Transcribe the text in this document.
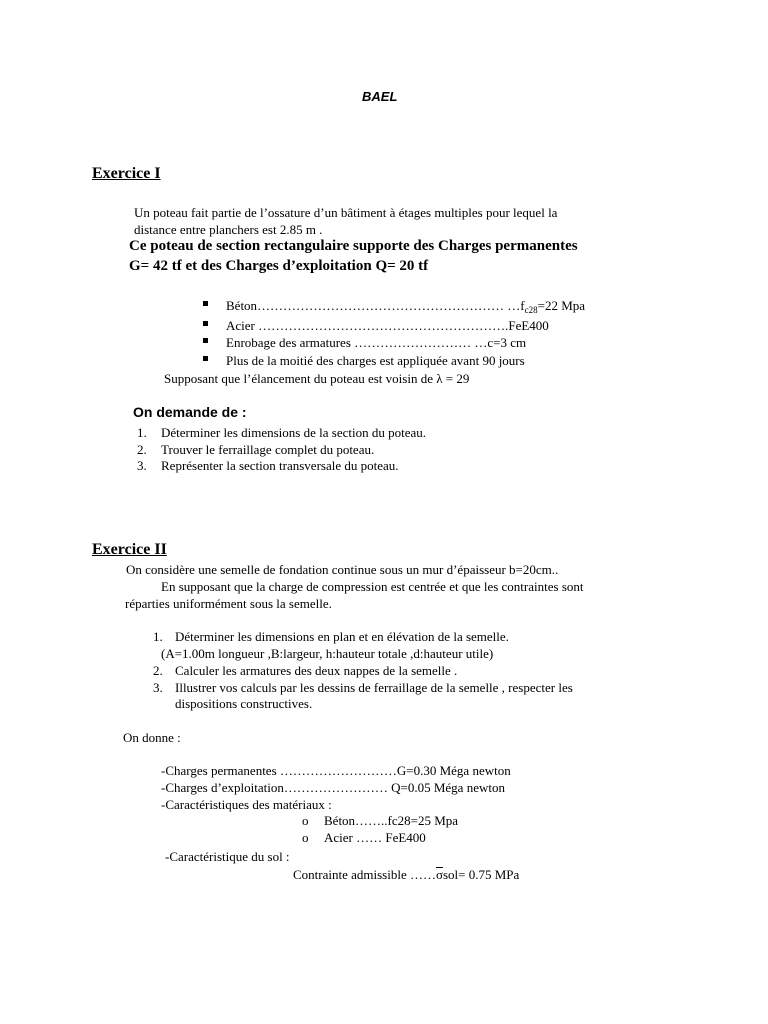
BAEL
Exercice I
Un poteau fait partie de l’ossature d’un bâtiment à étages multiples pour lequel la
distance entre planchers est 2.85 m .
Ce poteau de section rectangulaire supporte des Charges permanentes
G= 42 tf et des Charges d’exploitation Q= 20 tf
Béton………………………………………………… $\dots f_{c28}=22$ Mpa
Acier ………………………………………………….FeE400
Enrobage des armatures ……………………… …c=3 cm
Plus de la moitié des charges est appliquée avant 90 jours
Supposant que l’élancement du poteau est voisin de λ = 29
On demande de :
1. Déterminer les dimensions de la section du poteau.
2. Trouver le ferraillage complet du poteau.
3. Représenter la section transversale du poteau.
Exercice II
On considère une semelle de fondation continue sous un mur d’épaisseur b=20cm..
En supposant que la charge de compression est centrée et que les contraintes sont
réparties uniformément sous la semelle.
1. Déterminer les dimensions en plan et en élévation de la semelle.
(A=1.00m longueur ,B:largeur, h:hauteur totale ,d:hauteur utile)
2. Calculer les armatures des deux nappes de la semelle .
3. Illustrer vos calculs par les dessins de ferraillage de la semelle , respecter les
dispositions constructives.
On donne :
-Charges permanentes ………………………G=0.30 Méga newton
-Charges d’exploitation…………………… Q=0.05 Méga newton
-Caractéristiques des matériaux :
o Béton……..fc28=25 Mpa
o Acier …… FeE400
-Caractéristique du sol :
Contrainte admissible ……σsol= 0.75 MPa
